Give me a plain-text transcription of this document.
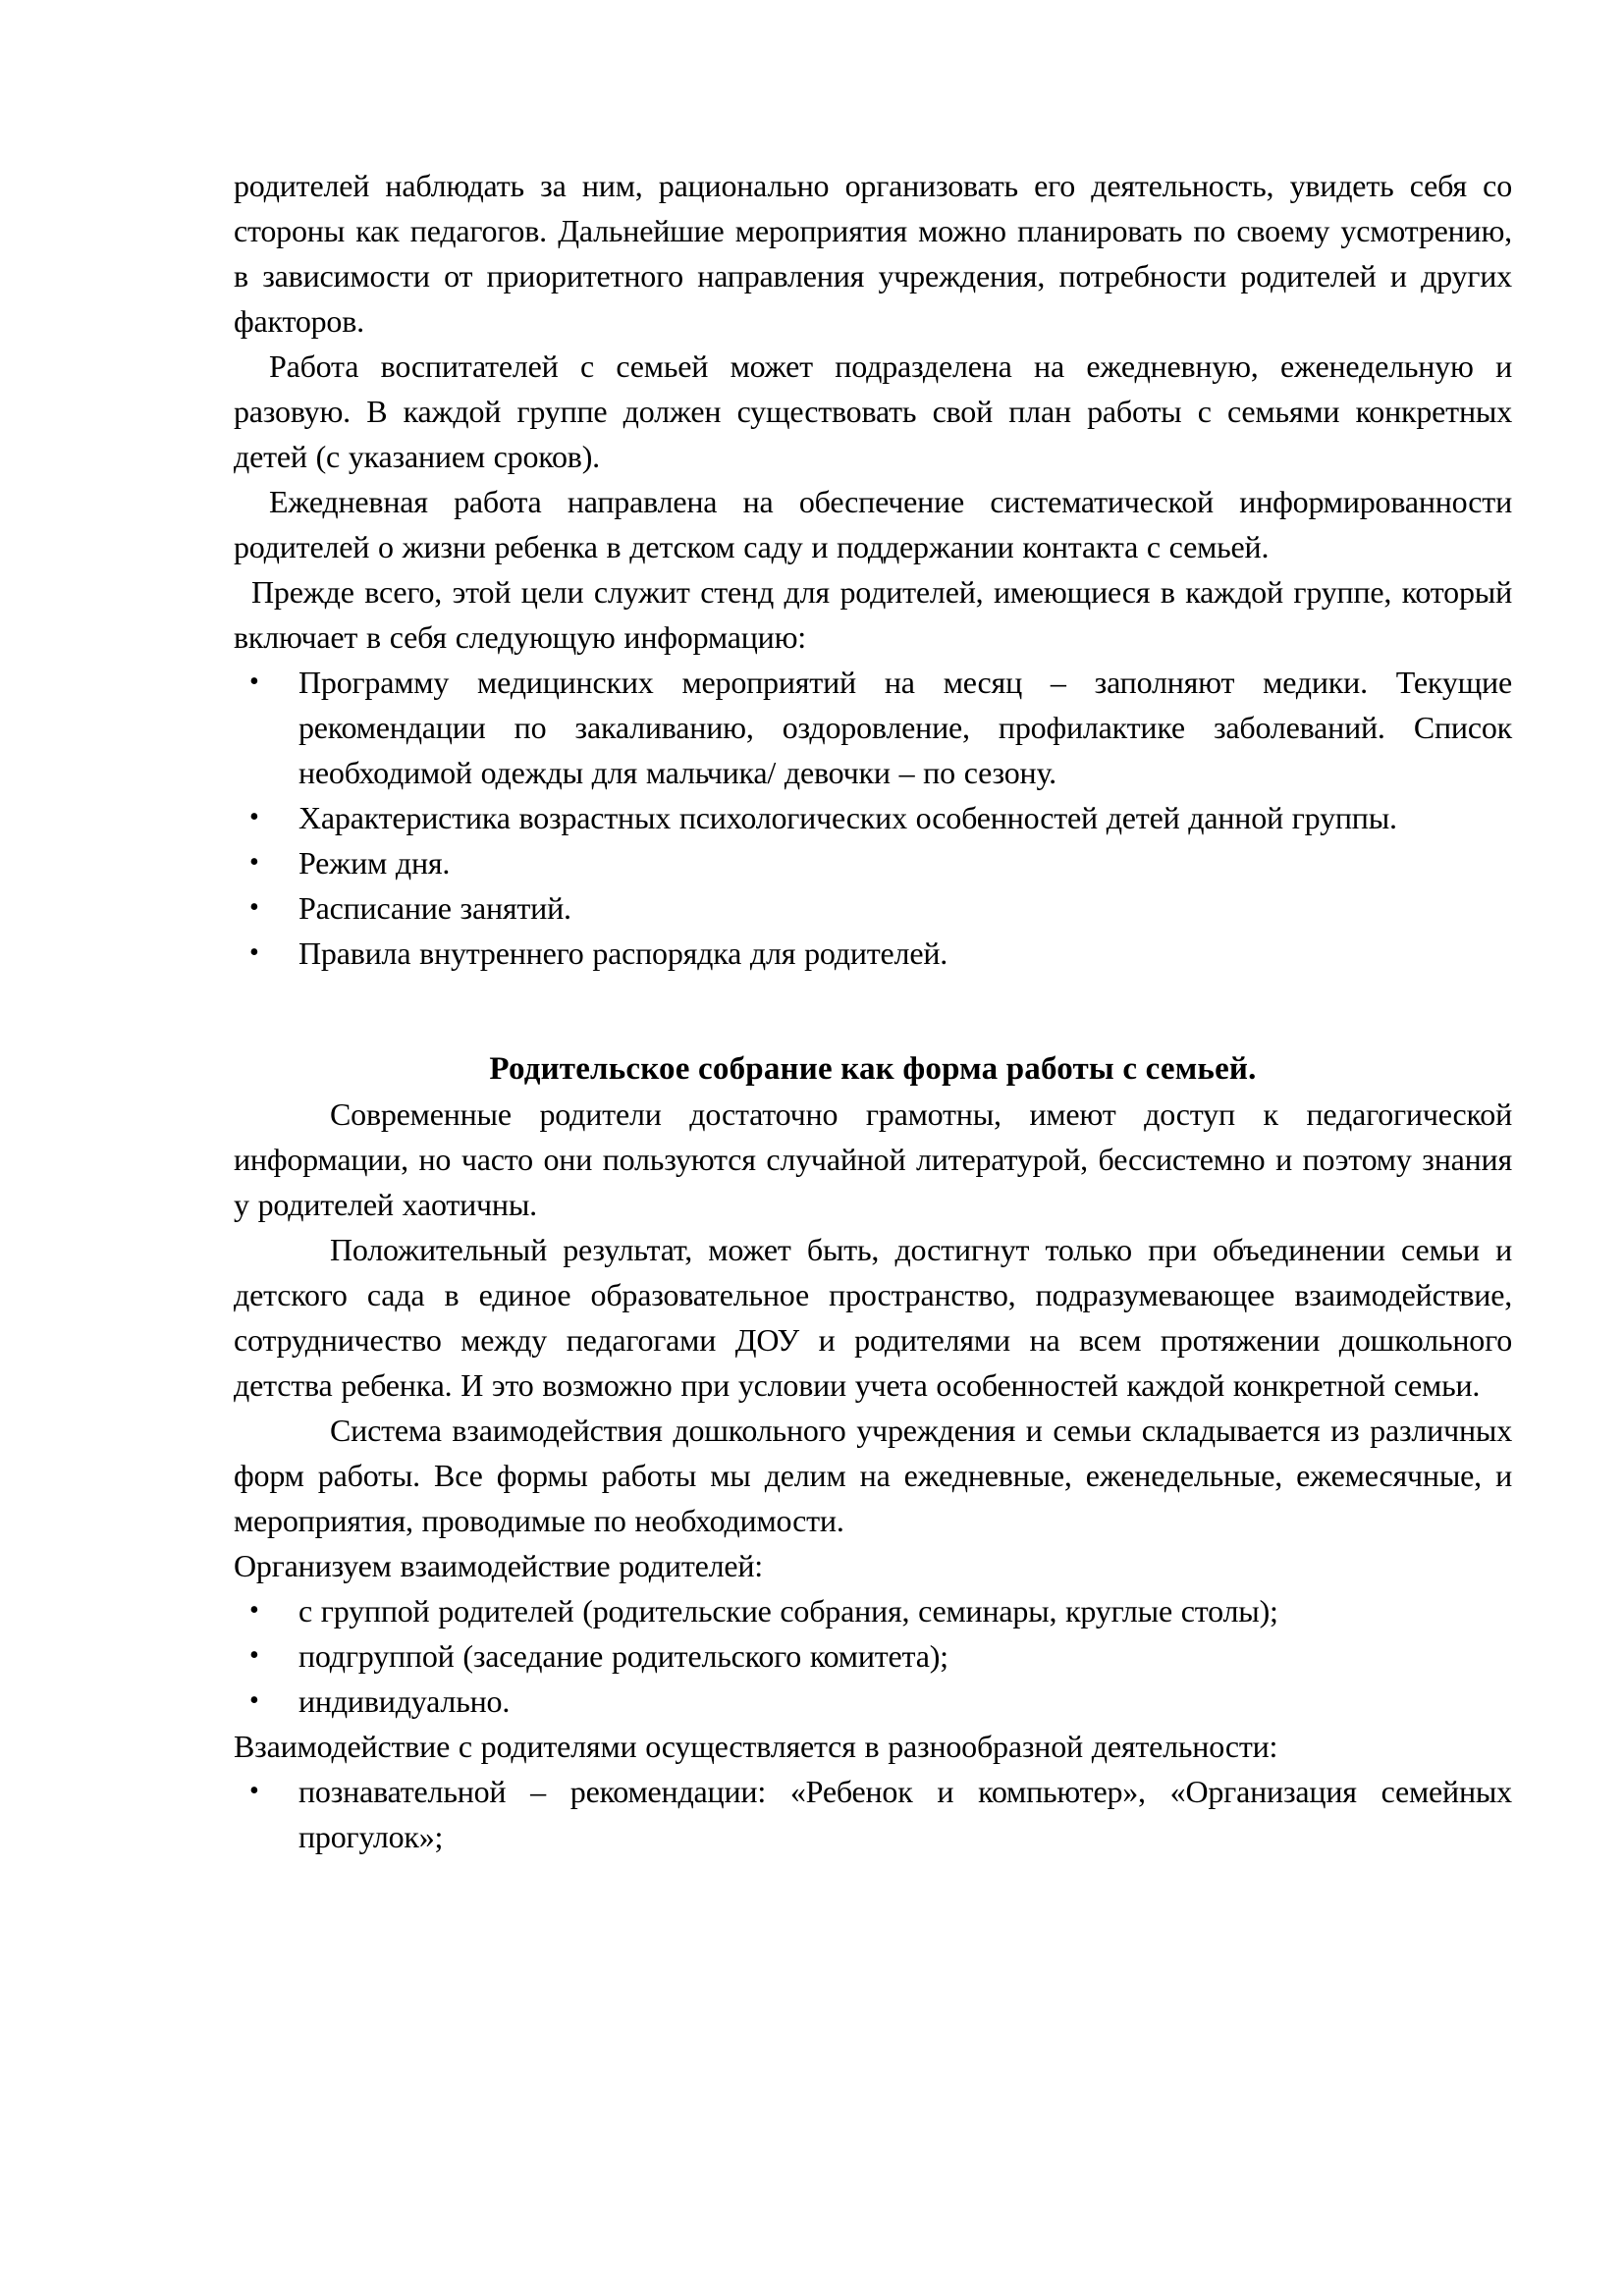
родителей наблюдать за ним, рационально организовать его деятельность, увидеть себя со стороны как педагогов. Дальнейшие мероприятия можно планировать по своему усмотрению, в зависимости от приоритетного направления учреждения, потребности родителей и других факторов.

Работа воспитателей с семьей может подразделена на ежедневную, еженедельную и разовую. В каждой группе должен существовать свой план работы с семьями конкретных детей (с указанием сроков).

Ежедневная работа направлена на обеспечение систематической информированности родителей о жизни ребенка в детском саду и поддержании контакта с семьей.

Прежде всего, этой цели служит стенд для родителей, имеющиеся в каждой группе, который включает в себя следующую информацию:

• Программу медицинских мероприятий на месяц – заполняют медики. Текущие рекомендации по закаливанию, оздоровление, профилактике заболеваний. Список необходимой одежды для мальчика/ девочки – по сезону.
• Характеристика возрастных психологических особенностей детей данной группы.
• Режим дня.
• Расписание занятий.
• Правила внутреннего распорядка для родителей.
Родительское собрание как форма работы с семьей.

Современные родители достаточно грамотны, имеют доступ к педагогической информации, но часто они пользуются случайной литературой, бессистемно и поэтому знания у родителей хаотичны.

Положительный результат, может быть, достигнут только при объединении семьи и детского сада в единое образовательное пространство, подразумевающее взаимодействие, сотрудничество между педагогами ДОУ и родителями на всем протяжении дошкольного детства ребенка. И это возможно при условии учета особенностей каждой конкретной семьи.

Система взаимодействия дошкольного учреждения и семьи складывается из различных форм работы. Все формы работы мы делим на ежедневные, еженедельные, ежемесячные, и мероприятия, проводимые по необходимости.

Организуем взаимодействие родителей:

• с группой родителей (родительские собрания, семинары, круглые столы);
• подгруппой (заседание родительского комитета);
• индивидуально.

Взаимодействие с родителями осуществляется в разнообразной деятельности:

• познавательной – рекомендации: «Ребенок и компьютер», «Организация семейных прогулок»;
